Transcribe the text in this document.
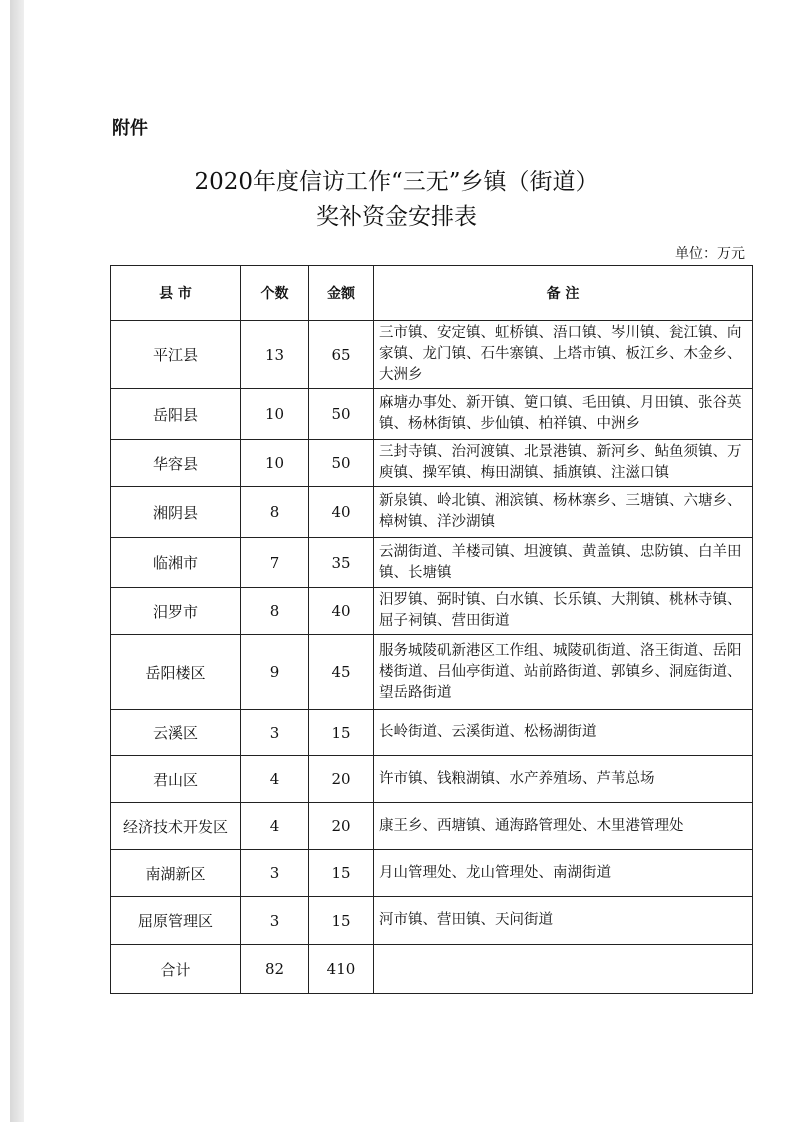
附件
2020年度信访工作“三无”乡镇（街道）
奖补资金安排表
单位：万元
县 市	个数	金额	备 注
平江县	13	65	三市镇、安定镇、虹桥镇、浯口镇、岑川镇、瓮江镇、向家镇、龙门镇、石牛寨镇、上塔市镇、板江乡、木金乡、大洲乡
岳阳县	10	50	麻塘办事处、新开镇、筻口镇、毛田镇、月田镇、张谷英镇、杨林街镇、步仙镇、柏祥镇、中洲乡
华容县	10	50	三封寺镇、治河渡镇、北景港镇、新河乡、鲇鱼须镇、万庾镇、操军镇、梅田湖镇、插旗镇、注滋口镇
湘阴县	8	40	新泉镇、岭北镇、湘滨镇、杨林寨乡、三塘镇、六塘乡、樟树镇、洋沙湖镇
临湘市	7	35	云湖街道、羊楼司镇、坦渡镇、黄盖镇、忠防镇、白羊田镇、长塘镇
汨罗市	8	40	汨罗镇、弼时镇、白水镇、长乐镇、大荆镇、桃林寺镇、屈子祠镇、营田街道
岳阳楼区	9	45	服务城陵矶新港区工作组、城陵矶街道、洛王街道、岳阳楼街道、吕仙亭街道、站前路街道、郭镇乡、洞庭街道、望岳路街道
云溪区	3	15	长岭街道、云溪街道、松杨湖街道
君山区	4	20	许市镇、钱粮湖镇、水产养殖场、芦苇总场
经济技术开发区	4	20	康王乡、西塘镇、通海路管理处、木里港管理处
南湖新区	3	15	月山管理处、龙山管理处、南湖街道
屈原管理区	3	15	河市镇、营田镇、天问街道
合计	82	410	
